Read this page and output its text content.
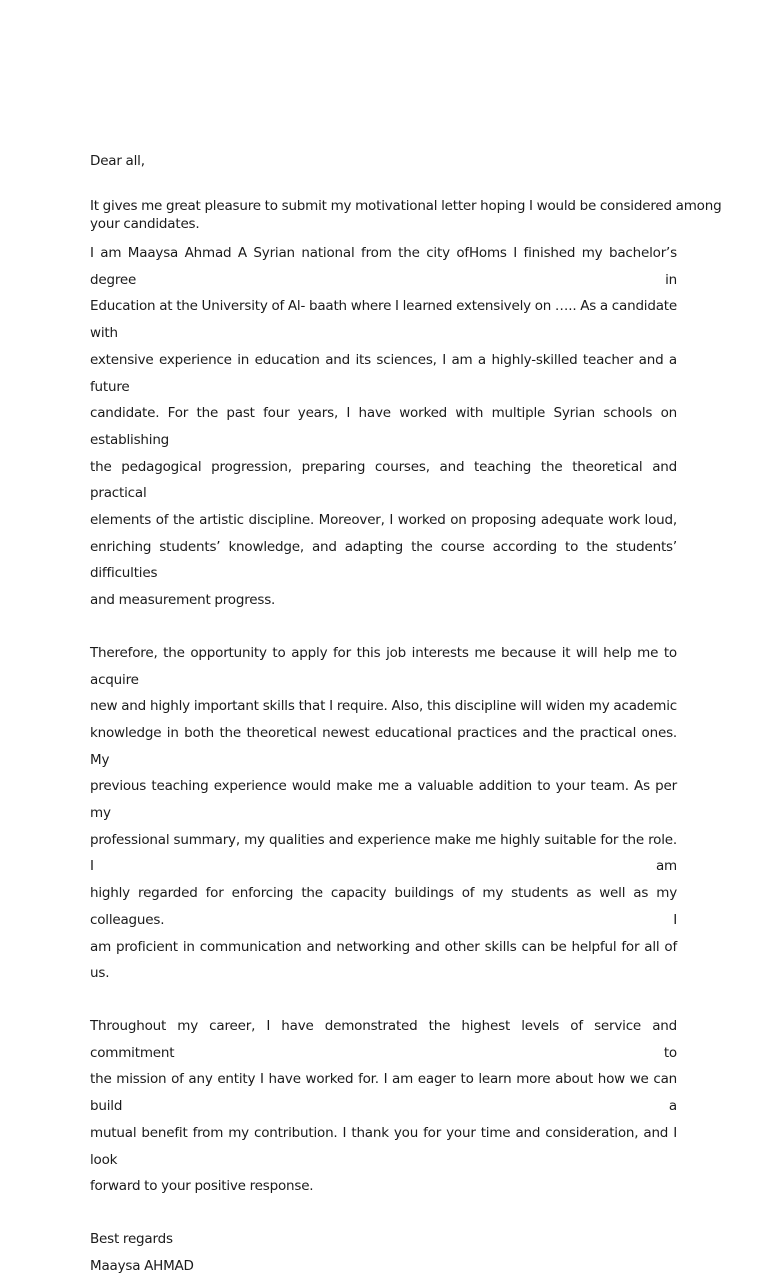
Dear all,
It gives me great pleasure to submit my motivational letter hoping I would be considered among
your candidates.
I am Maaysa Ahmad A Syrian national from the city ofHoms I finished my bachelor’s degree in
Education at the University of Al- baath where I learned extensively on ….. As a candidate with
extensive experience in education and its sciences, I am a highly-skilled teacher and a future
candidate. For the past four years, I have worked with multiple Syrian schools on establishing
the pedagogical progression, preparing courses, and teaching the theoretical and practical
elements of the artistic discipline. Moreover, I worked on proposing adequate work loud,
enriching students’ knowledge, and adapting the course according to the students’ difficulties
and measurement progress.
Therefore, the opportunity to apply for this job interests me because it will help me to acquire
new and highly important skills that I require. Also, this discipline will widen my academic
knowledge in both the theoretical newest educational practices and the practical ones. My
previous teaching experience would make me a valuable addition to your team. As per my
professional summary, my qualities and experience make me highly suitable for the role. I am
highly regarded for enforcing the capacity buildings of my students as well as my colleagues. I
am proficient in communication and networking and other skills can be helpful for all of us.
Throughout my career, I have demonstrated the highest levels of service and commitment to
the mission of any entity I have worked for. I am eager to learn more about how we can build a
mutual benefit from my contribution. I thank you for your time and consideration, and I look
forward to your positive response.
Best regards
Maaysa AHMAD
